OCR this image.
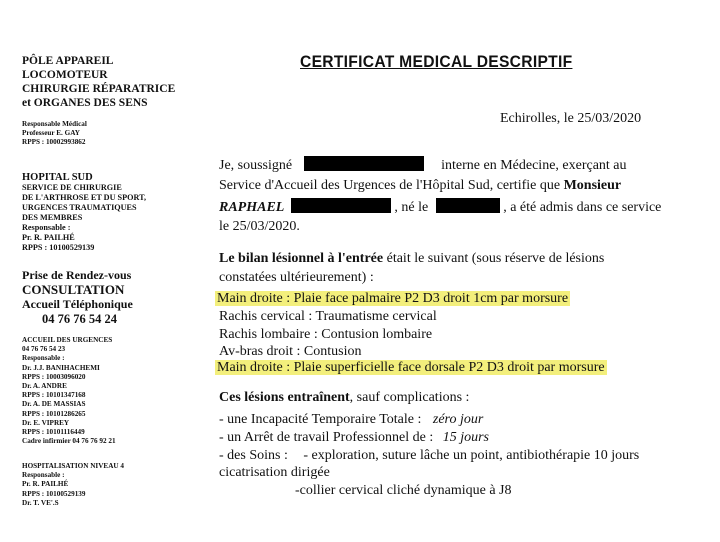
PÔLE APPAREIL
LOCOMOTEUR
CHIRURGIE RÉPARATRICE
et ORGANES DES SENS
Responsable Médical
Professeur E. GAY
RPPS : 10002993862
HOPITAL SUD
SERVICE DE CHIRURGIE
DE L'ARTHROSE ET DU SPORT,
URGENCES TRAUMATIQUES
DES MEMBRES
Responsable :
Pr. R. PAILHÉ
RPPS : 10100529139
Prise de Rendez-vous
CONSULTATION
Accueil Téléphonique
04 76 76 54 24
ACCUEIL DES URGENCES
04 76 76 54 23
Responsable :
Dr. J.J. BANIHACHEMI
RPPS : 10003096020
Dr. A. ANDRE
RPPS : 10101347168
Dr. A. DE MASSIAS
RPPS : 10101286265
Dr. E. VIPREY
RPPS : 10101116449
Cadre infirmier 04 76 76 92 21
HOSPITALISATION NIVEAU 4
Responsable :
Pr. R. PAILHÉ
RPPS : 10100529139
Dr. T. VE'.S
CERTIFICAT MEDICAL DESCRIPTIF
Echirolles, le 25/03/2020
Je, soussigné	interne en Médecine, exerçant au
Service d'Accueil des Urgences de l'Hôpital Sud, certifie que Monsieur
RAPHAEL	, né le	, a été admis dans ce service
le 25/03/2020.
Le bilan lésionnel à l'entrée était le suivant (sous réserve de lésions
constatées ultérieurement) :
Main droite : Plaie face palmaire P2 D3 droit 1cm par morsure
Rachis cervical : Traumatisme cervical
Rachis lombaire : Contusion lombaire
Av-bras droit : Contusion
Main droite : Plaie superficielle face dorsale P2 D3 droit par morsure
Ces lésions entraînent, sauf complications :
- une Incapacité Temporaire Totale : zéro jour
- un Arrêt de travail Professionnel de : 15 jours
- des Soins : - exploration, suture lâche un point, antibiothérapie 10 jours
cicatrisation dirigée
-collier cervical cliché dynamique à J8
